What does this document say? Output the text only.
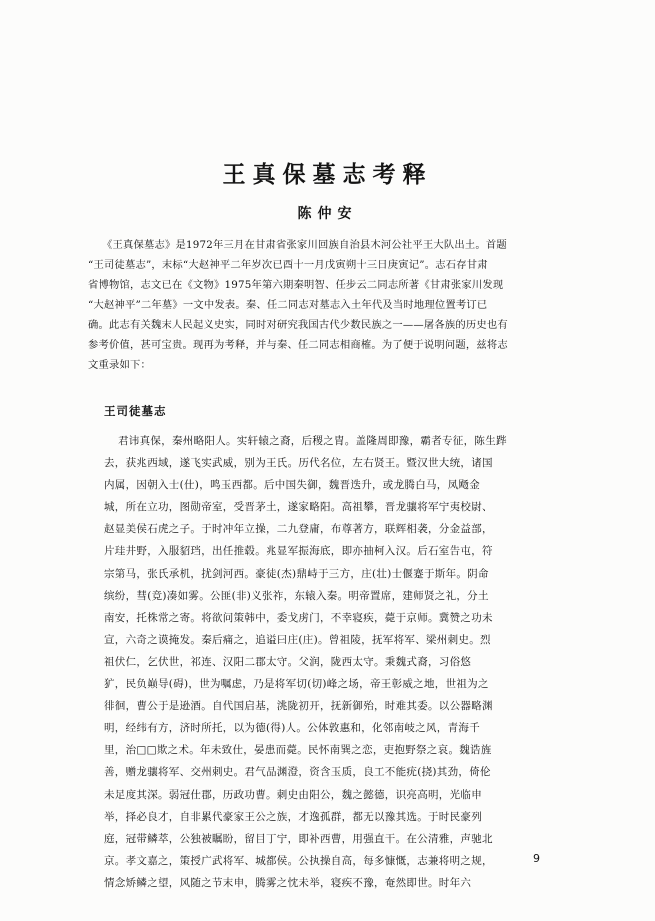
王真保墓志考释
陈仲安
《王真保墓志》是1972年三月在甘肃省张家川回族自治县木河公社平王大队出土。首题
“王司徒墓志”，末标“大赵神平二年岁次已酉十一月戊寅朔十三日庚寅记”。志石存甘肃
省博物馆，志文已在《文物》1975年第六期秦明智、任步云二同志所著《甘肃张家川发现
“大赵神平”二年墓》一文中发表。秦、任二同志对墓志入土年代及当时地理位置考订已
确。此志有关魏末人民起义史实，同时对研究我国古代少数民族之一——屠各族的历史也有
参考价值，甚可宝贵。现再为考释，并与秦、任二同志相商榷。为了便于说明问题，兹将志
文重录如下：
王司徒墓志
君讳真保，秦州略阳人。实轩辕之裔，后稷之胄。盖隆周即豫，霸者专征，陈生跸
去，获兆西域，遂飞实武威，别为王氏。历代名位，左右贤王。暨汉世大统，诸国
内属，因朝入士(仕)，鸣玉西都。后中国失御，魏晋迭升，或龙腾白马，凤飏金
城，所在立功，图勋帝室，受晋茅土，遂家略阳。高祖攀，晋龙骧将军宁夷校尉、
赵显美侯石虎之子。于时冲年立操，二九登庸，布尊著方，联辉相袭，分金益部，
片珪井野，入服貂珰，出任推毂。兆显军振海底，即亦抽柯入汉。后石室告屯，符
宗第马，张氏承机，扰剑河西。豪徒(杰)鼎峙于三方，庄(壮)士偃蹇于斯年。阴命
缤纷，彗(竞)凑如雾。公匪(非)义张祚，东辕入秦。明帝置席，建师贤之礼，分土
南安，托株常之寄。将欲问策韩中，委戈虏门，不幸寝疾，薨于京师。冀赞之功未
宣，六奇之谟掩发。秦后痛之，追谥曰庄(庄)。曾祖陵，抚军将军、梁州刺史。烈
祖伏仁，乞伏世，祁连、汉阳二郡太守。父润，陇西太守。秉魏式裔，习俗悠
犷，民负巅导(碍)，世为嘱虑，乃是将军切(切)峰之场，帝王彰威之地，世祖为之
徘徊，曹公于是逊酒。自代国启基，洮陇初开，抚新御殆，时难其委。以公器略渊
明，经纬有方，济时所托，以为德(得)人。公体敦惠和，化邻南岐之风，青海千
里，治□□欺之术。年未致仕，晏患而薨。民怀南巽之恋，吏抱野祭之哀。魏诰旌
善，赠龙骧将军、交州刺史。君气品渊澄，资含玉质，良工不能疣(挠)其劲，倚伦
未足度其深。弱冠仕郡，历政功曹。刺史由阳公，魏之懿德，识亮高明，光临申
举，择必良才，自非累代豪家王公之族，才逸孤群，都无以豫其选。于时民豪列
庭，冠带鳞萃，公独被瞩盼，留目丁宁，即补西曹，用强直干。在公清雅，声驰北
京。孝文嘉之，策授广武将军、城都侯。公执操自高，每多慷慨，志兼将明之规，
情念矫鳞之望，风随之节末申，腾雾之忱未举，寝疾不豫，奄然即世。时年六
9
